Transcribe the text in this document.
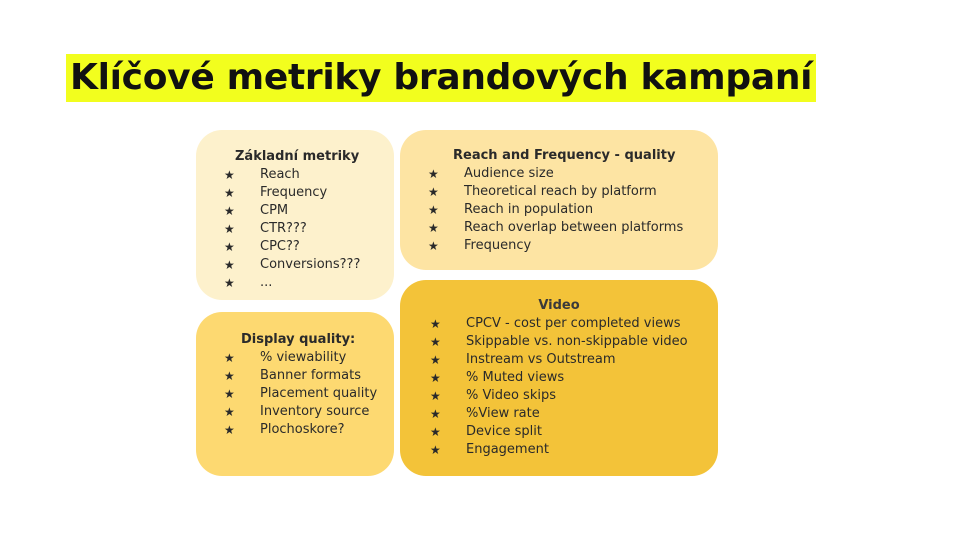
Klíčové metriky brandových kampaní
Základní metriky
★	Reach
★	Frequency
★	CPM
★	CTR???
★	CPC??
★	Conversions???
★	...
Reach and Frequency - quality
★	Audience size
★	Theoretical reach by platform
★	Reach in population
★	Reach overlap between platforms
★	Frequency
Display quality:
★	% viewability
★	Banner formats
★	Placement quality
★	Inventory source
★	Plochoskore?
Video
★	CPCV - cost per completed views
★	Skippable vs. non-skippable video
★	Instream vs Outstream
★	% Muted views
★	% Video skips
★	%View rate
★	Device split
★	Engagement
